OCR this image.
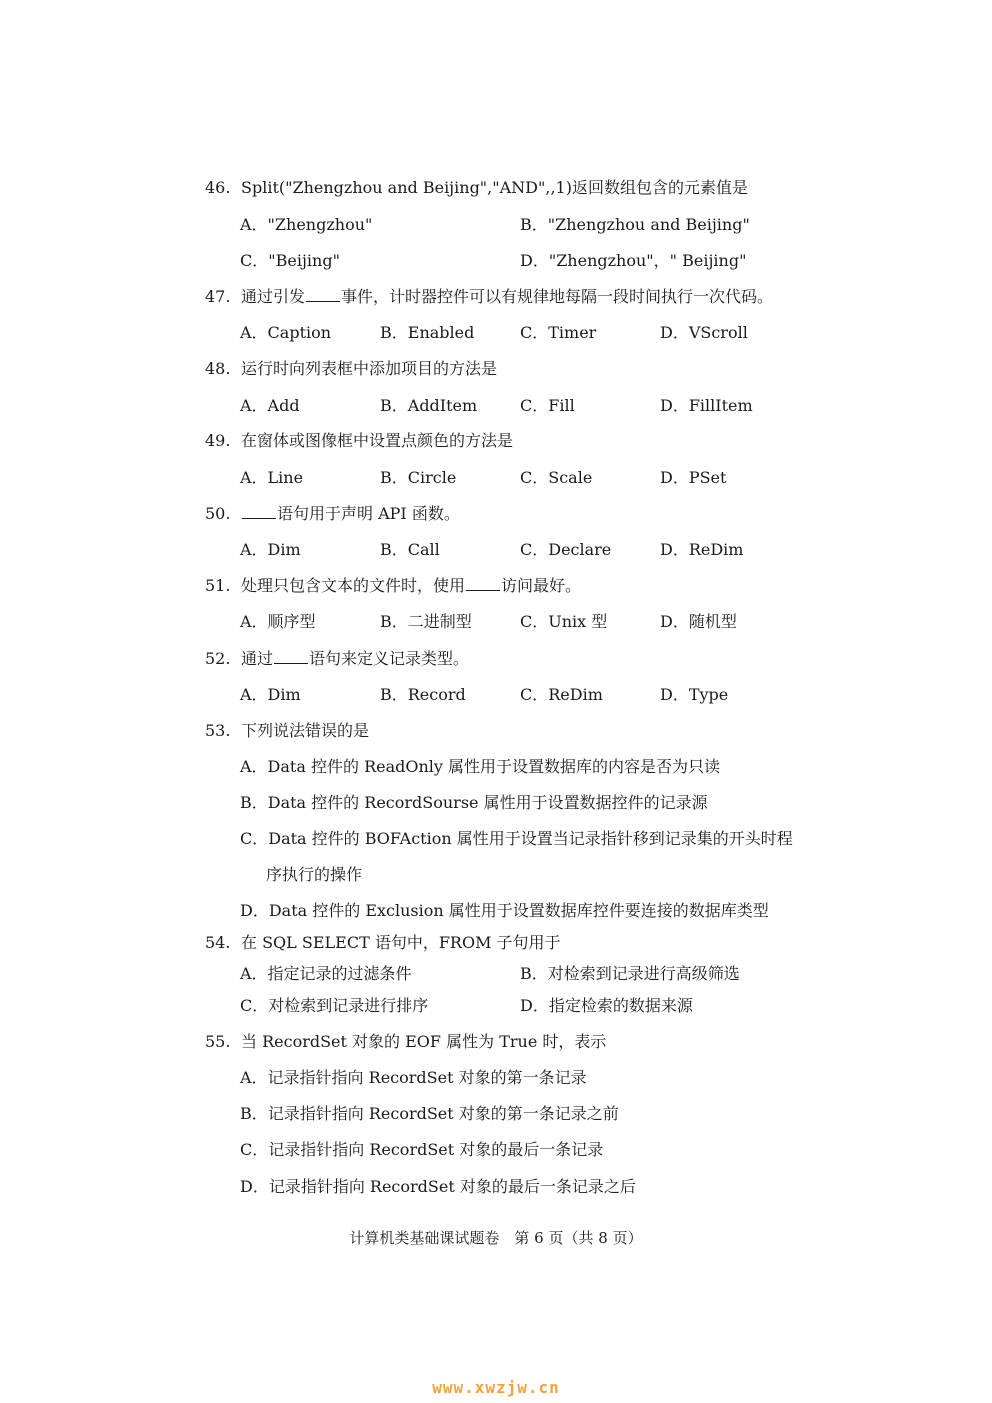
46. Split("Zhengzhou and Beijing","AND",,1)返回数组包含的元素值是
A．"Zhengzhou"	B．"Zhengzhou and Beijing"
C．"Beijing"	D．"Zhengzhou"，" Beijing"
47. 通过引发 事件，计时器控件可以有规律地每隔一段时间执行一次代码。
A．Caption	B．Enabled	C．Timer	D．VScroll
48. 运行时向列表框中添加项目的方法是
A．Add	B．AddItem	C．Fill	D．FillItem
49. 在窗体或图像框中设置点颜色的方法是
A．Line	B．Circle	C．Scale	D．PSet
50.	语句用于声明 API 函数。
A．Dim	B．Call	C．Declare	D．ReDim
51. 处理只包含文本的文件时，使用 访问最好。
A．顺序型	B．二进制型	C．Unix 型	D．随机型
52. 通过 语句来定义记录类型。
A．Dim	B．Record	C．ReDim	D．Type
53. 下列说法错误的是
A．Data 控件的 ReadOnly 属性用于设置数据库的内容是否为只读
B．Data 控件的 RecordSourse 属性用于设置数据控件的记录源
C．Data 控件的 BOFAction 属性用于设置当记录指针移到记录集的开头时程
序执行的操作
D．Data 控件的 Exclusion 属性用于设置数据库控件要连接的数据库类型
54. 在 SQL SELECT 语句中，FROM 子句用于
A．指定记录的过滤条件	B．对检索到记录进行高级筛选
C．对检索到记录进行排序	D．指定检索的数据来源
55. 当 RecordSet 对象的 EOF 属性为 True 时，表示
A．记录指针指向 RecordSet 对象的第一条记录
B．记录指针指向 RecordSet 对象的第一条记录之前
C．记录指针指向 RecordSet 对象的最后一条记录
D．记录指针指向 RecordSet 对象的最后一条记录之后
计算机类基础课试题卷　第 6 页（共 8 页）
www.xwzjw.cn
